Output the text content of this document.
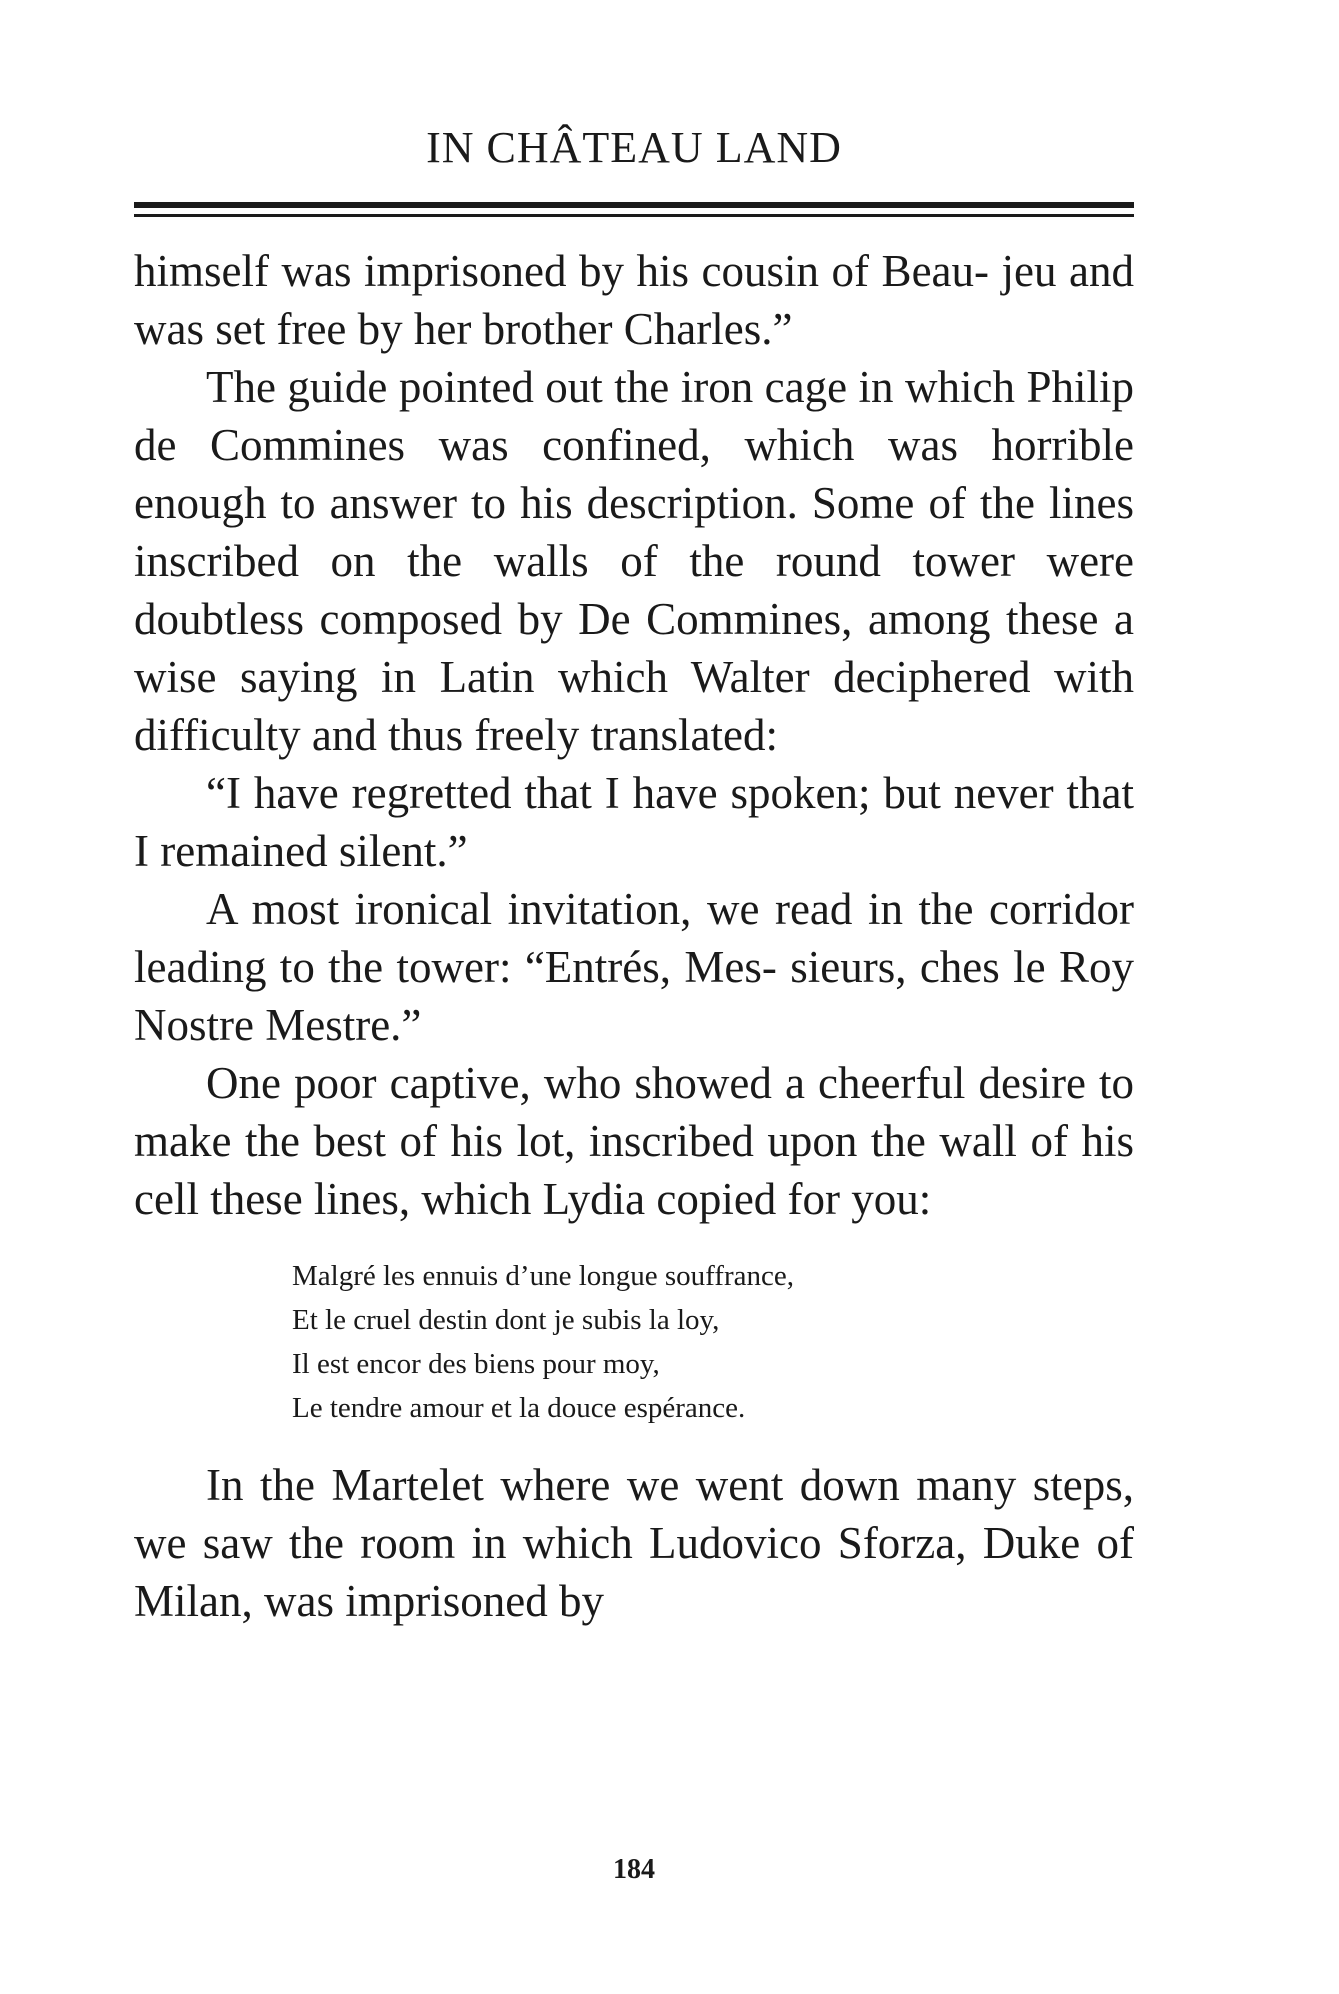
IN CHÂTEAU LAND

himself was imprisoned by his cousin of Beau- jeu and was set free by her brother Charles.”

The guide pointed out the iron cage in which Philip de Commines was confined, which was horrible enough to answer to his description. Some of the lines inscribed on the walls of the round tower were doubtless composed by De Commines, among these a wise saying in Latin which Walter deciphered with difficulty and thus freely translated:

“I have regretted that I have spoken; but never that I remained silent.”

A most ironical invitation, we read in the corridor leading to the tower: “Entrés, Mes- sieurs, ches le Roy Nostre Mestre.”

One poor captive, who showed a cheerful desire to make the best of his lot, inscribed upon the wall of his cell these lines, which Lydia copied for you:

Malgré les ennuis d’une longue souffrance,
Et le cruel destin dont je subis la loy,
Il est encor des biens pour moy,
Le tendre amour et la douce espérance.

In the Martelet where we went down many steps, we saw the room in which Ludovico Sforza, Duke of Milan, was imprisoned by

184
